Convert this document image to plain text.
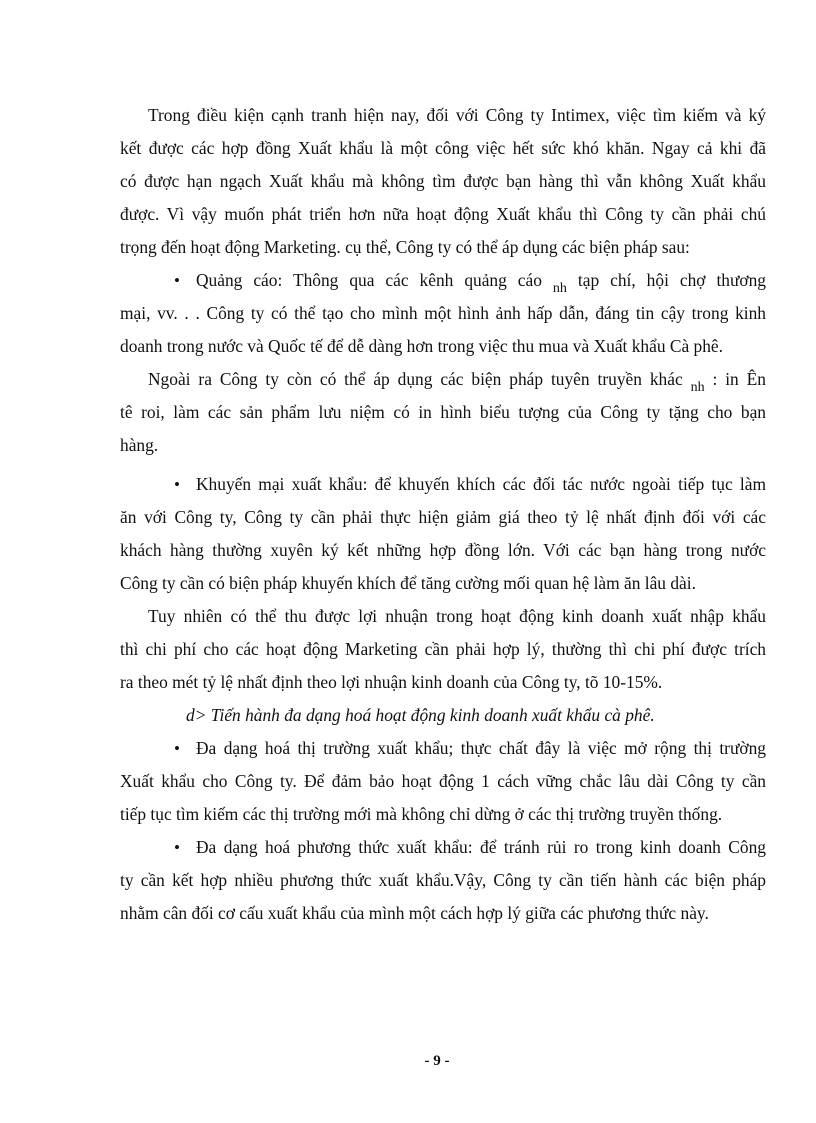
Trong điều kiện cạnh tranh hiện nay, đối với Công ty Intimex, việc tìm kiếm và ký
kết được các hợp đồng Xuất khẩu là một công việc hết sức khó khăn. Ngay cả khi đã
có được hạn ngạch Xuất khẩu mà không tìm được bạn hàng thì vẫn không Xuất khẩu
được. Vì vậy muốn phát triển hơn nữa hoạt động Xuất khẩu thì Công ty cần phải chú
trọng đến hoạt động Marketing. cụ thể, Công ty có thể áp dụng các biện pháp sau:
• Quảng cáo: Thông qua các kênh quảng cáo $_{nh}$ tạp chí, hội chợ thương
mại, vv. . . Công ty có thể tạo cho mình một hình ảnh hấp dẫn, đáng tin cậy trong kinh
doanh trong nước và Quốc tế để dễ dàng hơn trong việc thu mua và Xuất khẩu Cà phê.
Ngoài ra Công ty còn có thể áp dụng các biện pháp tuyên truyền khác $_{nh}$ : in Ên
tê roi, làm các sản phẩm lưu niệm có in hình biểu tượng của Công ty tặng cho bạn
hàng.
• Khuyến mại xuất khẩu: để khuyến khích các đối tác nước ngoài tiếp tục làm
ăn với Công ty, Công ty cần phải thực hiện giảm giá theo tỷ lệ nhất định đối với các
khách hàng thường xuyên ký kết những hợp đồng lớn. Với các bạn hàng trong nước
Công ty cần có biện pháp khuyến khích để tăng cường mối quan hệ làm ăn lâu dài.
Tuy nhiên có thể thu được lợi nhuận trong hoạt động kinh doanh xuất nhập khẩu
thì chi phí cho các hoạt động Marketing cần phải hợp lý, thường thì chi phí được trích
ra theo mét tỷ lệ nhất định theo lợi nhuận kinh doanh của Công ty, tõ 10-15%.
d> Tiến hành đa dạng hoá hoạt động kinh doanh xuất khẩu cà phê.
• Đa dạng hoá thị trường xuất khẩu; thực chất đây là việc mở rộng thị trường
Xuất khẩu cho Công ty. Để đảm bảo hoạt động 1 cách vững chắc lâu dài Công ty cần
tiếp tục tìm kiếm các thị trường mới mà không chỉ dừng ở các thị trường truyền thống.
• Đa dạng hoá phương thức xuất khẩu: để tránh rủi ro trong kinh doanh Công
ty cần kết hợp nhiều phương thức xuất khẩu.Vậy, Công ty cần tiến hành các biện pháp
nhằm cân đối cơ cấu xuất khẩu của mình một cách hợp lý giữa các phương thức này.
- 9 -
